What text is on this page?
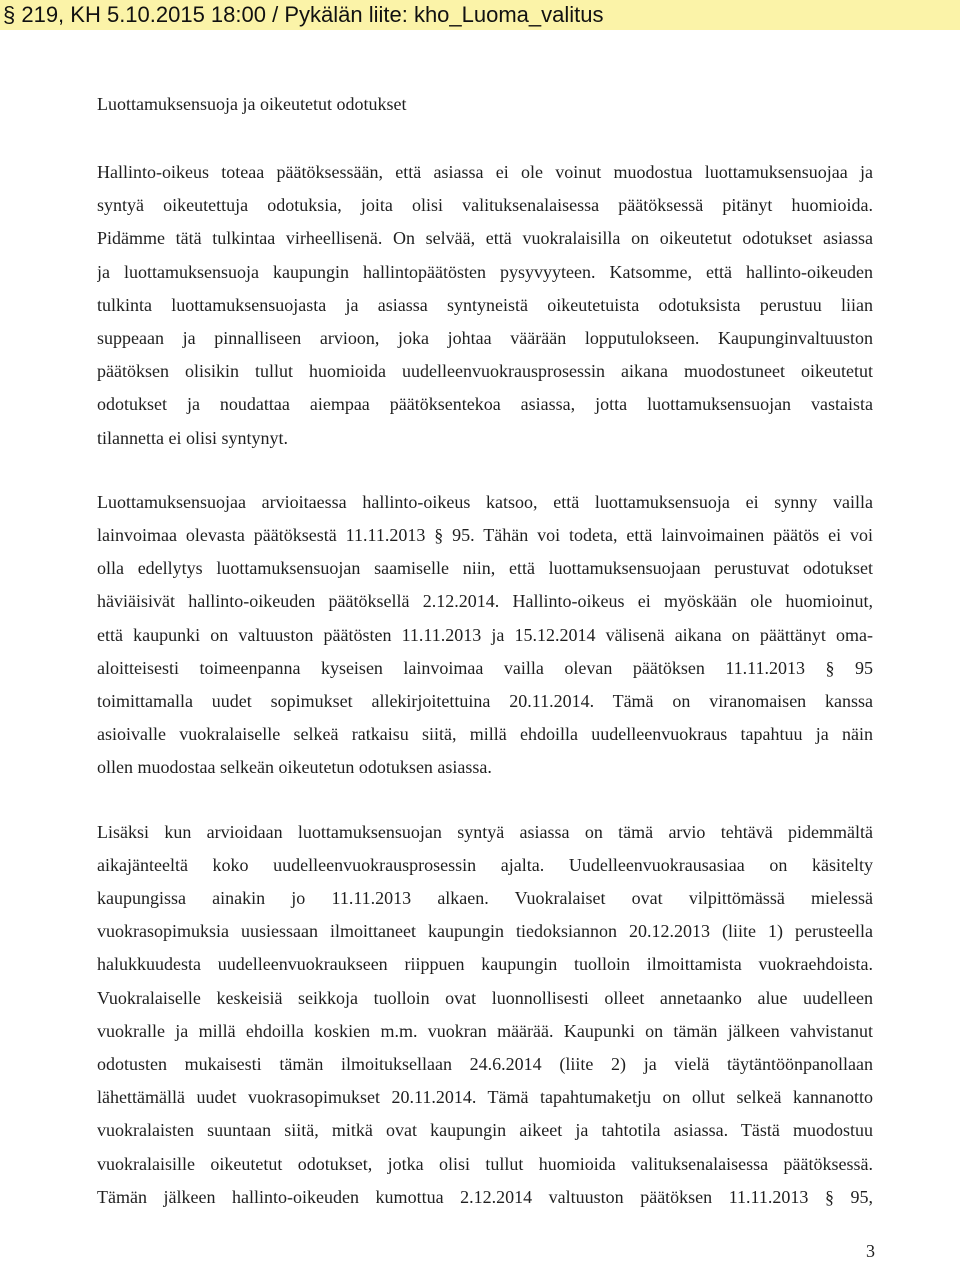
§ 219, KH 5.10.2015 18:00 / Pykälän liite: kho_Luoma_valitus
Luottamuksensuoja ja oikeutetut odotukset
Hallinto-oikeus toteaa päätöksessään, että asiassa ei ole voinut muodostua luottamuksensuojaa ja
syntyä oikeutettuja odotuksia, joita olisi valituksenalaisessa päätöksessä pitänyt huomioida.
Pidämme tätä tulkintaa virheellisenä. On selvää, että vuokralaisilla on oikeutetut odotukset asiassa
ja luottamuksensuoja kaupungin hallintopäätösten pysyvyyteen. Katsomme, että hallinto-oikeuden
tulkinta luottamuksensuojasta ja asiassa syntyneistä oikeutetuista odotuksista perustuu liian
suppeaan ja pinnalliseen arvioon, joka johtaa väärään lopputulokseen. Kaupunginvaltuuston
päätöksen olisikin tullut huomioida uudelleenvuokrausprosessin aikana muodostuneet oikeutetut
odotukset ja noudattaa aiempaa päätöksentekoa asiassa, jotta luottamuksensuojan vastaista
tilannetta ei olisi syntynyt.
Luottamuksensuojaa arvioitaessa hallinto-oikeus katsoo, että luottamuksensuoja ei synny vailla
lainvoimaa olevasta päätöksestä 11.11.2013 § 95. Tähän voi todeta, että lainvoimainen päätös ei voi
olla edellytys luottamuksensuojan saamiselle niin, että luottamuksensuojaan perustuvat odotukset
häviäisivät hallinto-oikeuden päätöksellä 2.12.2014. Hallinto-oikeus ei myöskään ole huomioinut,
että kaupunki on valtuuston päätösten 11.11.2013 ja 15.12.2014 välisenä aikana on päättänyt oma-
aloitteisesti toimeenpanna kyseisen lainvoimaa vailla olevan päätöksen 11.11.2013 § 95
toimittamalla uudet sopimukset allekirjoitettuina 20.11.2014. Tämä on viranomaisen kanssa
asioivalle vuokralaiselle selkeä ratkaisu siitä, millä ehdoilla uudelleenvuokraus tapahtuu ja näin
ollen muodostaa selkeän oikeutetun odotuksen asiassa.
Lisäksi kun arvioidaan luottamuksensuojan syntyä asiassa on tämä arvio tehtävä pidemmältä
aikajänteeltä koko uudelleenvuokrausprosessin ajalta. Uudelleenvuokrausasiaa on käsitelty
kaupungissa ainakin jo 11.11.2013 alkaen. Vuokralaiset ovat vilpittömässä mielessä
vuokrasopimuksia uusiessaan ilmoittaneet kaupungin tiedoksiannon 20.12.2013 (liite 1) perusteella
halukkuudesta uudelleenvuokraukseen riippuen kaupungin tuolloin ilmoittamista vuokraehdoista.
Vuokralaiselle keskeisiä seikkoja tuolloin ovat luonnollisesti olleet annetaanko alue uudelleen
vuokralle ja millä ehdoilla koskien m.m. vuokran määrää. Kaupunki on tämän jälkeen vahvistanut
odotusten mukaisesti tämän ilmoituksellaan 24.6.2014 (liite 2) ja vielä täytäntöönpanollaan
lähettämällä uudet vuokrasopimukset 20.11.2014. Tämä tapahtumaketju on ollut selkeä kannanotto
vuokralaisten suuntaan siitä, mitkä ovat kaupungin aikeet ja tahtotila asiassa. Tästä muodostuu
vuokralaisille oikeutetut odotukset, jotka olisi tullut huomioida valituksenalaisessa päätöksessä.
Tämän jälkeen hallinto-oikeuden kumottua 2.12.2014 valtuuston päätöksen 11.11.2013 § 95,
3
